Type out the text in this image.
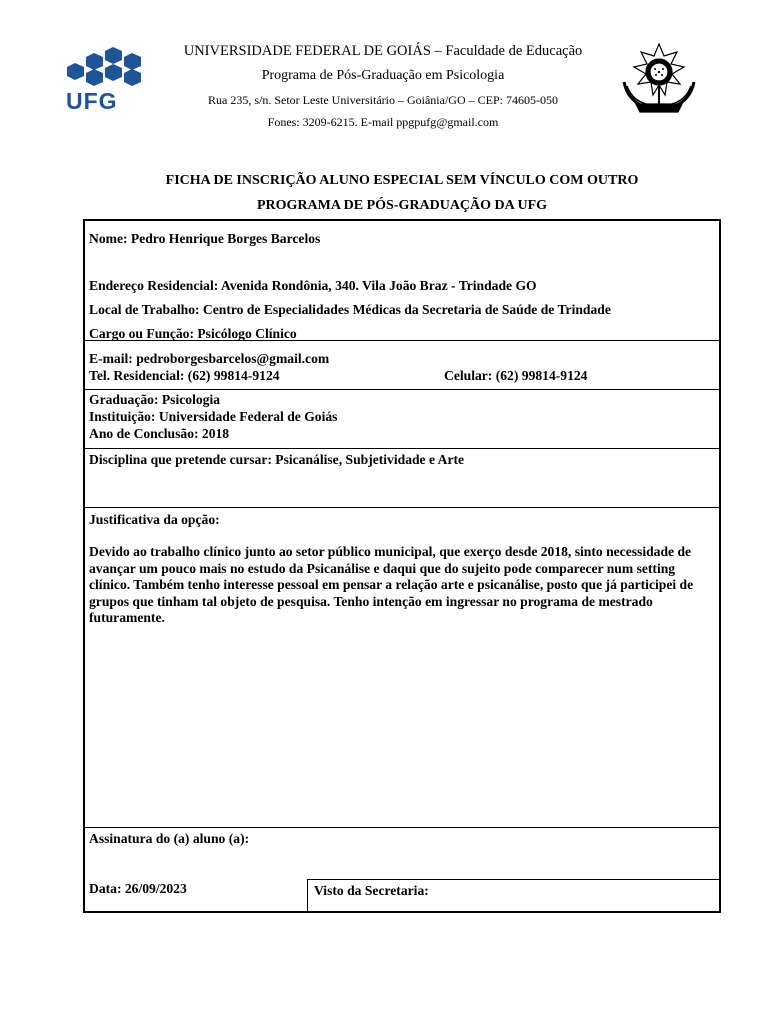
UFG
UNIVERSIDADE FEDERAL DE GOIÁS – Faculdade de Educação
Programa de Pós-Graduação em Psicologia
Rua 235, s/n. Setor Leste Universitário – Goiânia/GO – CEP: 74605-050
Fones: 3209-6215. E-mail ppgpufg@gmail.com
FICHA DE INSCRIÇÃO ALUNO ESPECIAL SEM VÍNCULO COM OUTRO
PROGRAMA DE PÓS-GRADUAÇÃO DA UFG
Nome: Pedro Henrique Borges Barcelos
Endereço Residencial: Avenida Rondônia, 340. Vila João Braz - Trindade GO
Local de Trabalho: Centro de Especialidades Médicas da Secretaria de Saúde de Trindade
Cargo ou Função: Psicólogo Clínico
E-mail: pedroborgesbarcelos@gmail.com
Tel. Residencial: (62) 99814-9124	Celular: (62) 99814-9124
Graduação: Psicologia
Instituição: Universidade Federal de Goiás
Ano de Conclusão: 2018
Disciplina que pretende cursar: Psicanálise, Subjetividade e Arte
Justificativa da opção:
Devido ao trabalho clínico junto ao setor público municipal, que exerço desde 2018, sinto necessidade de avançar um pouco mais no estudo da Psicanálise e daqui que do sujeito pode comparecer num setting clínico. Também tenho interesse pessoal em pensar a relação arte e psicanálise, posto que já participei de grupos que tinham tal objeto de pesquisa. Tenho intenção em ingressar no programa de mestrado futuramente.
Assinatura do (a) aluno (a):
Data: 26/09/2023	Visto da Secretaria:
